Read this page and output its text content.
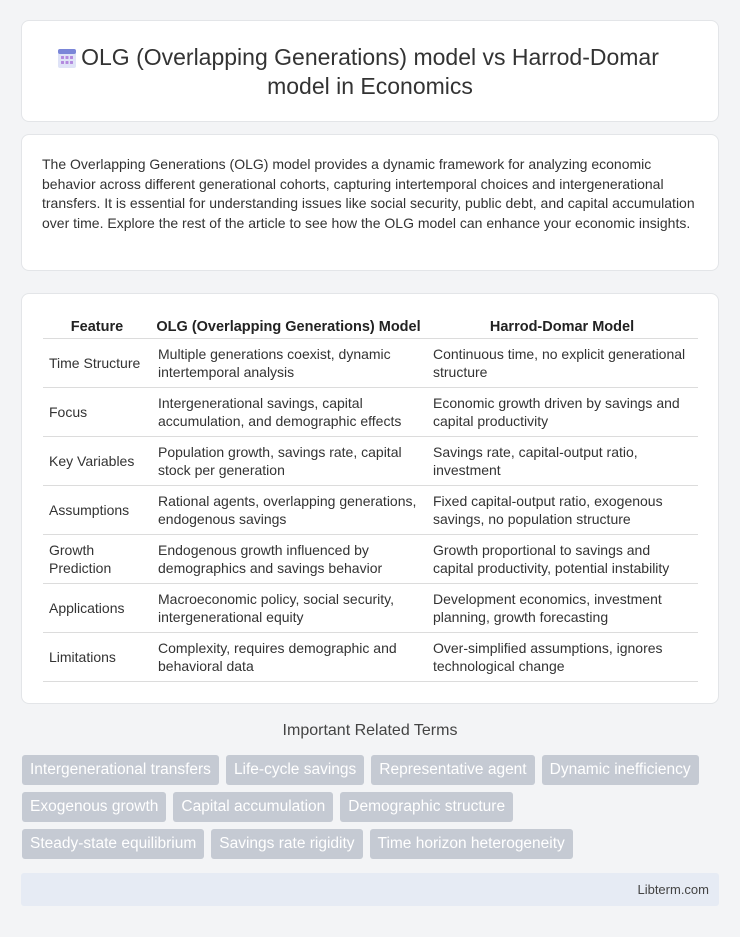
OLG (Overlapping Generations) model vs Harrod-Domar
model in Economics

The Overlapping Generations (OLG) model provides a dynamic framework for analyzing economic behavior across different generational cohorts, capturing intertemporal choices and intergenerational transfers. It is essential for understanding issues like social security, public debt, and capital accumulation over time. Explore the rest of the article to see how the OLG model can enhance your economic insights.

Feature	OLG (Overlapping Generations) Model	Harrod-Domar Model
Time Structure	Multiple generations coexist, dynamic intertemporal analysis	Continuous time, no explicit generational structure
Focus	Intergenerational savings, capital accumulation, and demographic effects	Economic growth driven by savings and capital productivity
Key Variables	Population growth, savings rate, capital stock per generation	Savings rate, capital-output ratio, investment
Assumptions	Rational agents, overlapping generations, endogenous savings	Fixed capital-output ratio, exogenous savings, no population structure
Growth Prediction	Endogenous growth influenced by demographics and savings behavior	Growth proportional to savings and capital productivity, potential instability
Applications	Macroeconomic policy, social security, intergenerational equity	Development economics, investment planning, growth forecasting
Limitations	Complexity, requires demographic and behavioral data	Over-simplified assumptions, ignores technological change
Important Related Terms
Intergenerational transfers Life-cycle savings Representative agent Dynamic inefficiency
Exogenous growth Capital accumulation Demographic structure
Steady-state equilibrium Savings rate rigidity Time horizon heterogeneity
Libterm.com
